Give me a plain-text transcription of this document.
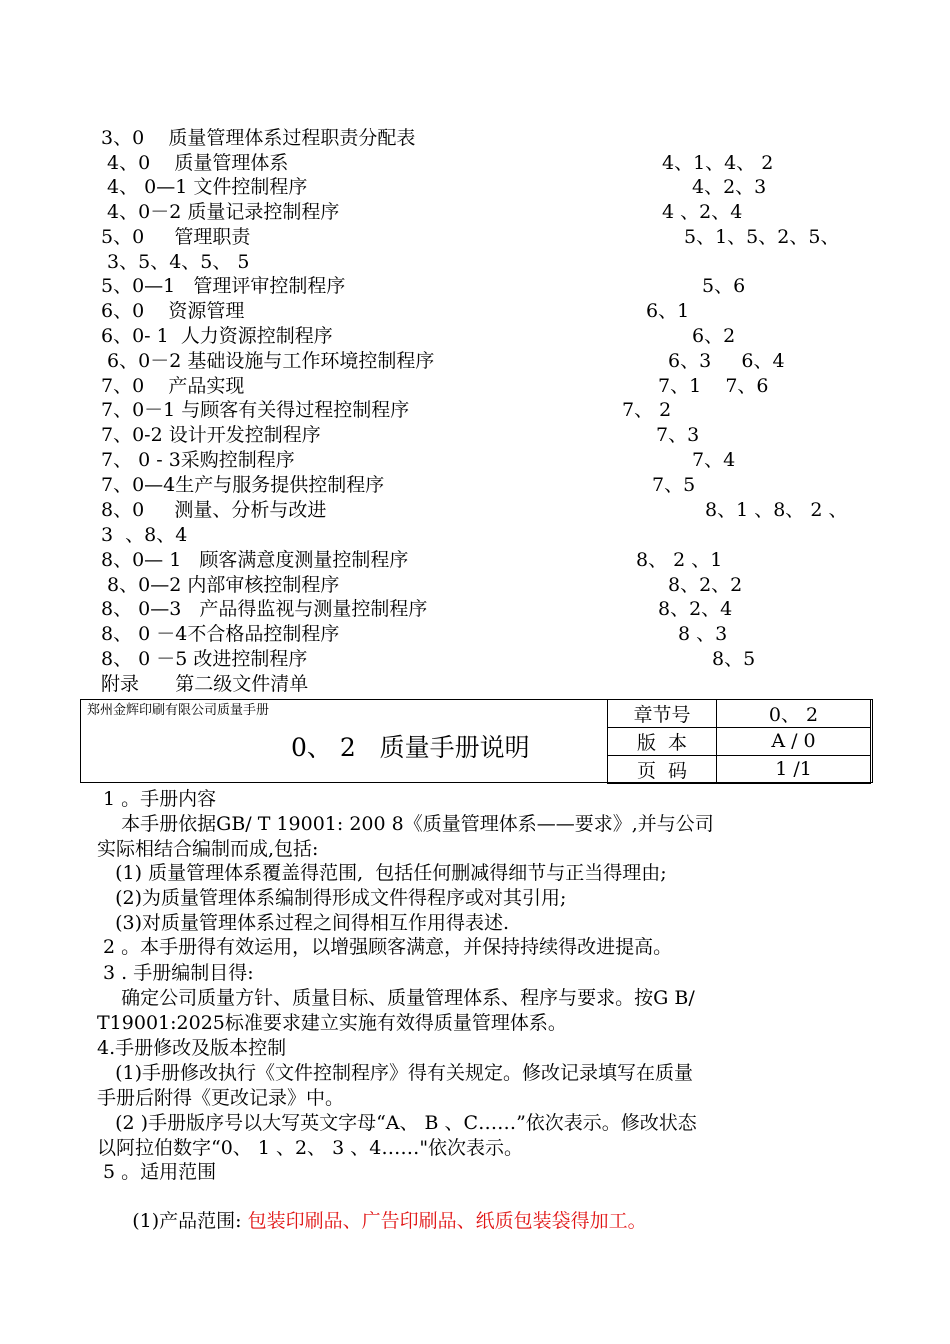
3、0    质量管理体系过程职责分配表
4、0    质量管理体系	4、1、4、 2
4、 0—1 文件控制程序	4、2、3
4、0－2 质量记录控制程序	4 、2、4
5、0     管理职责	5、1、5、2、5、
3、5、4、5、 5
5、0—1   管理评审控制程序	5、6
6、0    资源管理	6、1
6、0- 1  人力资源控制程序	6、2
6、0－2 基础设施与工作环境控制程序	6、3     6、4
7、0    产品实现	7、1    7、6
7、0－1 与顾客有关得过程控制程序	7、 2
7、0-2 设计开发控制程序	7、3
7、 0 - 3采购控制程序	7、4
7、0—4生产与服务提供控制程序	7、5
8、0     测量、分析与改进	8、1 、8、 2 、
3  、8、4
8、0— 1   顾客满意度测量控制程序	8、 2 、1
8、0—2 内部审核控制程序	8、2、2
8、 0—3   产品得监视与测量控制程序	8、2、4
8、 0 －4不合格品控制程序	8 、3
8、 0 －5 改进控制程序	8、5
附录      第二级文件清单
郑州金辉印刷有限公司质量手册
0、 2   质量手册说明
章节号	0、 2
版  本	A / 0
页  码	1 /1
1 。手册内容
本手册依据GB/ T 19001: 200 8《质量管理体系——要求》,并与公司
实际相结合编制而成,包括:
(1) 质量管理体系覆盖得范围,  包括任何删减得细节与正当得理由;
(2)为质量管理体系编制得形成文件得程序或对其引用;
(3)对质量管理体系过程之间得相互作用得表述.
2 。本手册得有效运用，以增强顾客满意，并保持持续得改进提高。
3 . 手册编制目得:
确定公司质量方针、质量目标、质量管理体系、程序与要求。按G B/
T19001:2025标准要求建立实施有效得质量管理体系。
4.手册修改及版本控制
(1)手册修改执行《文件控制程序》得有关规定。修改记录填写在质量
手册后附得《更改记录》中。
(2 )手册版序号以大写英文字母“A、 B 、C……”依次表示。修改状态
以阿拉伯数字“0、 1 、2、 3 、4……"依次表示。
5 。适用范围

(1)产品范围: 包装印刷品、广告印刷品、纸质包装袋得加工。
